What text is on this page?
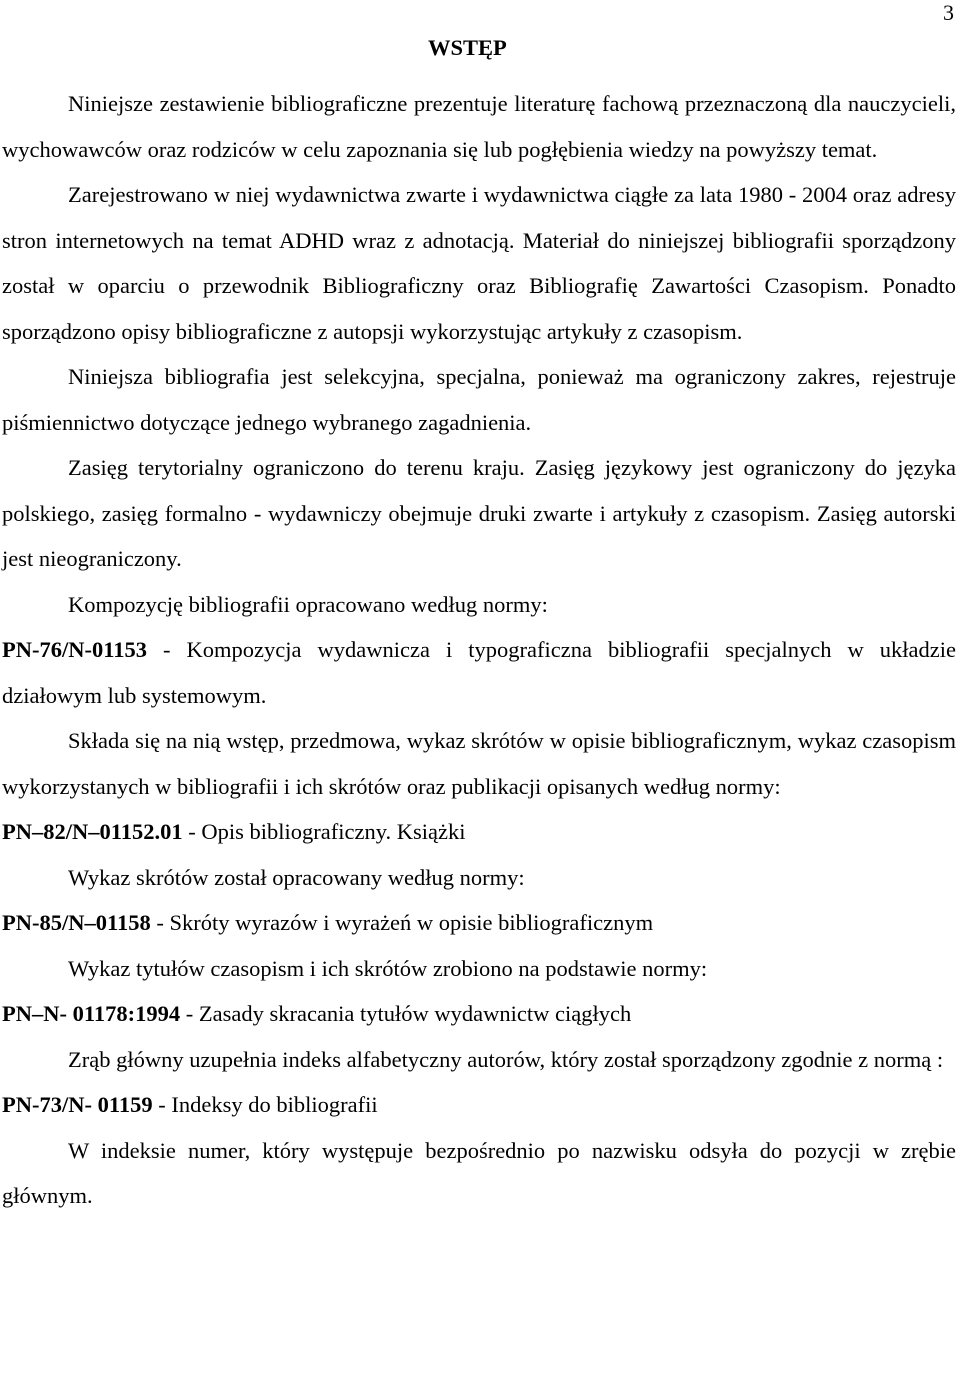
3
WSTĘP

Niniejsze zestawienie bibliograficzne prezentuje literaturę fachową przeznaczoną dla nauczycieli, wychowawców oraz rodziców w celu zapoznania się lub pogłębienia wiedzy na powyższy temat.

Zarejestrowano w niej wydawnictwa zwarte i wydawnictwa ciągłe za lata 1980 - 2004 oraz adresy stron internetowych na temat ADHD wraz z adnotacją. Materiał do niniejszej bibliografii sporządzony został w oparciu o przewodnik Bibliograficzny oraz Bibliografię Zawartości Czasopism. Ponadto sporządzono opisy bibliograficzne z autopsji wykorzystując artykuły z czasopism.

Niniejsza bibliografia jest selekcyjna, specjalna, ponieważ ma ograniczony zakres, rejestruje piśmiennictwo dotyczące jednego wybranego zagadnienia.

Zasięg terytorialny ograniczono do terenu kraju. Zasięg językowy jest ograniczony do języka polskiego, zasięg formalno - wydawniczy obejmuje druki zwarte i artykuły z czasopism. Zasięg autorski jest nieograniczony.

Kompozycję bibliografii opracowano według normy:

PN-76/N-01153 - Kompozycja wydawnicza i typograficzna bibliografii specjalnych w układzie działowym lub systemowym.

Składa się na nią wstęp, przedmowa, wykaz skrótów w opisie bibliograficznym, wykaz czasopism wykorzystanych w bibliografii i ich skrótów oraz publikacji opisanych według normy:

PN–82/N–01152.01 - Opis bibliograficzny. Książki

Wykaz skrótów został opracowany według normy:

PN-85/N–01158 - Skróty wyrazów i wyrażeń w opisie bibliograficznym

Wykaz tytułów czasopism i ich skrótów zrobiono na podstawie normy:

PN–N- 01178:1994 - Zasady skracania tytułów wydawnictw ciągłych

Zrąb główny uzupełnia indeks alfabetyczny autorów, który został sporządzony zgodnie z normą :

PN-73/N- 01159 - Indeksy do bibliografii

W indeksie numer, który występuje bezpośrednio po nazwisku odsyła do pozycji w zrębie głównym.
